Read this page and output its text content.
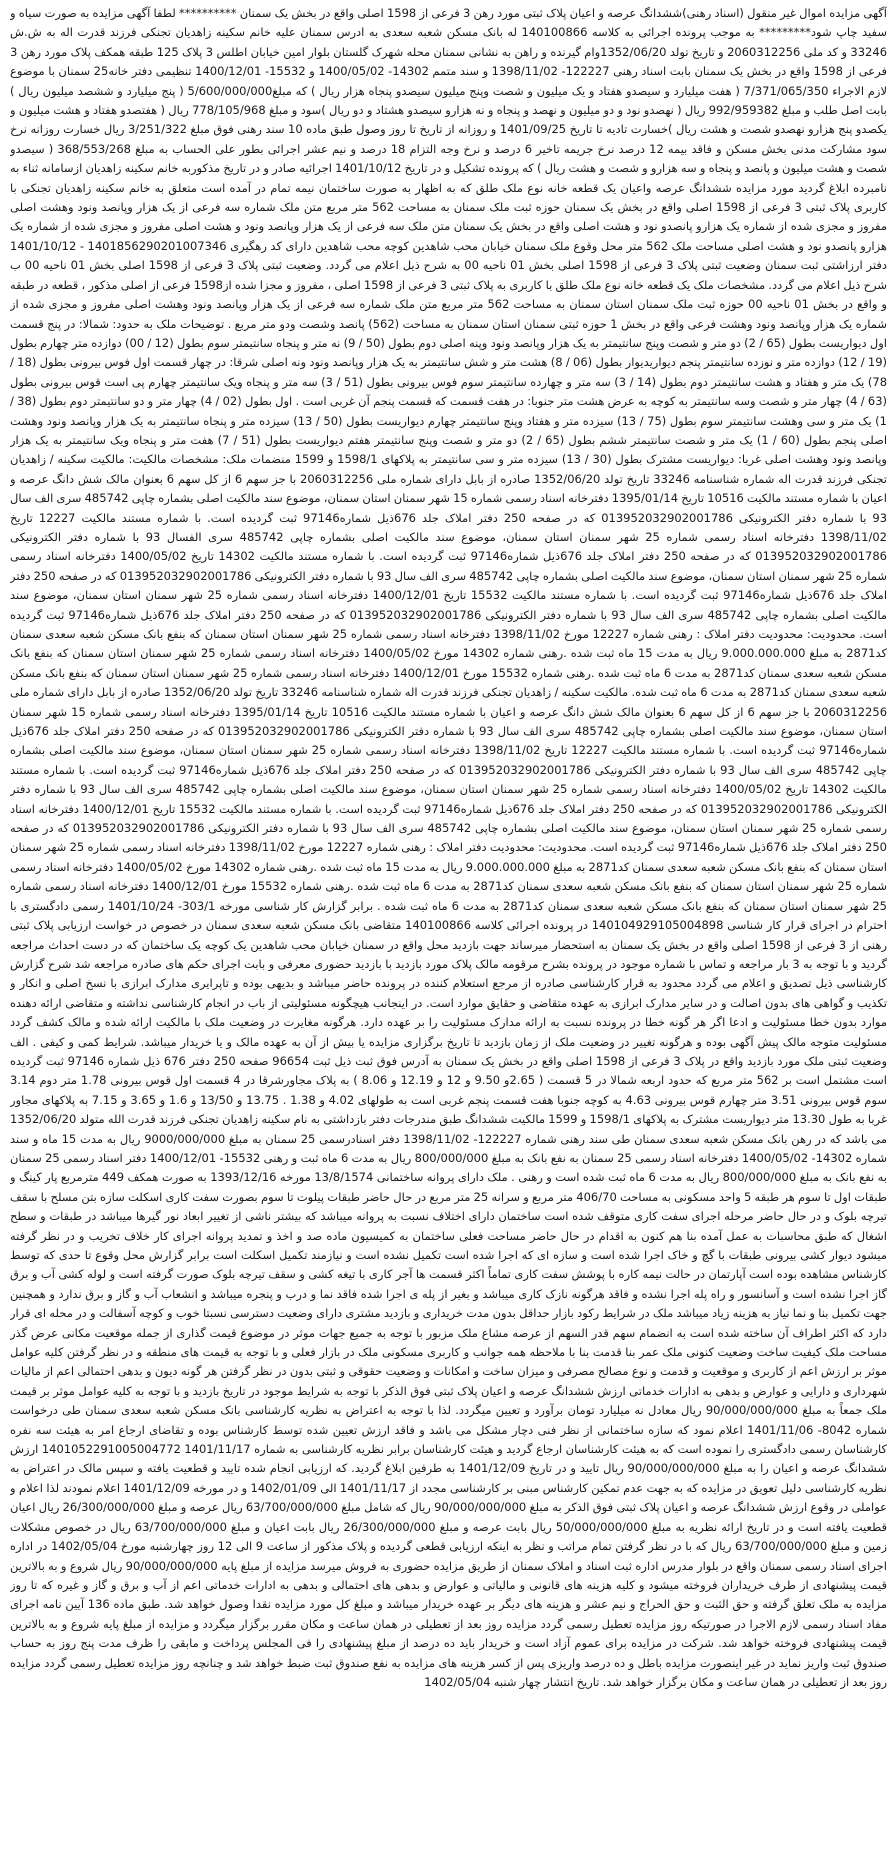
آگهی مزایده اموال غیر منقول (اسناد رهنی)ششدانگ عرصه و اعیان پلاک ثبتی مورد رهن 3 فرعی از 1598 اصلی واقع در بخش یک سمنان ********** لطفا آگهی مزایده به صورت سیاه و سفید چاپ شود********* به موجب پرونده اجرائی به کلاسه 140100866 له بانک مسکن شعبه سعدی به ادرس سمنان علیه خانم سکینه زاهدیان تجنکی فرزند قدرت اله به ش.ش 33246 و کد ملی 2060312256 و تاریخ تولد 1352/06/20وام گیرنده و راهن به نشانی سمنان محله شهرک گلستان بلوار امین خیابان اطلس 3 پلاک 125 طبقه همکف پلاک مورد رهن 3 فرعی از 1598 واقع در بخش یک سمنان بابت اسناد رهنی 122227- 1398/11/02 و سند متمم 14302- 1400/05/02 و 15532- 1400/12/01 تنظیمی دفتر خانه25 سمنان با موضوع لازم الاجراء 7/371/065/350 ( هفت میلیارد و سیصدو هفتاد و یک میلیون و شصت وپنج میلیون سیصدو پنجاه هزار ریال ) که مبلغ5/600/000/000 ( پنج میلیارد و ششصد میلیون ریال ) بابت اصل طلب و مبلغ 992/959382 ریال ( نهصدو نود و دو میلیون و نهصد و پنجاه و نه هزارو سیصدو هشتاد و دو ریال )سود و مبلغ 778/105/968 ریال ( هفتصدو هفتاد و هشت میلیون و یکصدو پنج هزارو نهصدو شصت و هشت ریال )خسارت تادیه تا تاریخ 1401/09/25 و روزانه از تاریخ تا روز وصول طبق ماده 10 سند رهنی فوق مبلغ 3/251/322 ریال خسارت روزانه نرخ سود مشارکت مدنی بخش مسکن و فاقد بیمه 12 درصد نرخ جریمه تاخیر 6 درصد و نرخ وجه التزام 18 درصد و نیم عشر اجرائی بطور علی الحساب به مبلغ 368/553/268 ( سیصدو شصت و هشت میلیون و پانصد و پنجاه و سه هزارو و شصت و هشت ریال ) که پرونده تشکیل و در تاریخ 1401/10/12 اجرائیه صادر و در تاریخ مذکوربه خانم سکینه زاهدیان ازسامانه ثناء به نامبرده ابلاغ گردید مورد مزایده ششدانگ عرصه واعیان یک قطعه خانه نوع ملک طلق که به اظهار به صورت ساختمان نیمه تمام در آمده است متعلق به خانم سکینه زاهدیان تجنکی با کاربری پلاک ثبتی 3 فرعی از 1598 اصلی واقع در بخش یک سمنان حوزه ثبت ملک سمنان به مساحت 562 متر مربع متن ملک شماره سه فرعی از یک هزار وپانصد ونود وهشت اصلی مفروز و مجزی شده از شماره یک هزارو پانصدو نود و هشت اصلی واقع در بخش یک سمنان متن ملک سه فرعی از یک هزار وپانصد ونود و هشت اصلی مفروز و مجزی شده از شماره یک هزارو پانصدو نود و هشت اصلی مساحت ملک 562 متر محل وقوع ملک سمنان خیابان محب شاهدین کوچه محب شاهدین دارای کد رهگیری 1401856290201007346 - 1401/10/12 دفتر ارزاشتی ثبت سمنان وضعیت ثبتی پلاک 3 فرعی از 1598 اصلی بخش 01 ناحیه 00 به شرح ذیل اعلام می گردد. وضعیت ثبتی پلاک 3 فرعی از 1598 اصلی بخش 01 ناحیه 00 ب شرح ذیل اعلام می گردد. مشخصات ملک یک قطعه خانه نوع ملک طلق با کاربری به پلاک ثبتی 3 فرعی از 1598 اصلی ، مفروز و مجزا شده از1598 فرعی از اصلی مذکور ، قطعه در طبقه و واقع در بخش 01 ناحیه 00 حوزه ثبت ملک سمنان استان سمنان به مساحت 562 متر مربع متن ملک شماره سه فرعی از یک هزار وپانصد ونود وهشت اصلی مفروز و مجزی شده از شماره یک هزار وپانصد ونود وهشت فرعی واقع در بخش 1 حوزه ثبتی سمنان استان سمنان به مساحت (562) پانصد وشصت ودو متر مربع . توضیحات ملک به حدود: شمالا: در پنج قسمت اول دیواریست بطول (65 / 2) دو متر و شصت وپنج سانتیمتر به یک هزار وپانصد ونود وپنه اصلی دوم بطول (50 / 9) نه متر و پنجاه سانتیمتر سوم بطول (12 / 00) دوازده متر چهارم بطول (19 / 12) دوازده متر و نوزده سانتیمتر پنجم دیواریدیوار بطول (06 / 8) هشت متر و شش سانتیمتر به یک هزار وپانصد ونود ونه اصلی شرقا: در چهار قسمت اول فوس بیرونی بطول (18 / 78) یک متر و هفتاد و هشت سانتیمتر دوم بطول (14 / 3) سه متر و چهارده سانتیمتر سوم فوس بیرونی بطول (51 / 3) سه متر و پنجاه ویک سانتیمتر چهارم پی است قوس بیرونی بطول (63 / 4) چهار متر و شصت وسه سانتیمتر به کوچه به عرض هشت متر جنوبا: در هفت قسمت که قسمت پنجم آن غربی است . اول بطول (02 / 4) چهار متر و دو سانتیمتر دوم بطول (38 / 1) یک متر و سی وهشت سانتیمتر سوم بطول (75 / 13) سیزده متر و هفتاد وپنج سانتیمتر چهارم دیواریست بطول (50 / 13) سیزده متر و پنجاه سانتیمتر به یک هزار وپانصد ونود وهشت اصلی پنجم بطول (60 / 1) یک متر و شصت سانتیمتر ششم بطول (65 / 2) دو متر و شصت وپنج سانتیمتر هفتم دیواریست بطول (51 / 7) هفت متر و پنجاه ویک سانتیمتر به یک هزار وپانصد ونود وهشت اصلی غربا: دیواریست مشترک بطول (30 / 13) سیزده متر و سی سانتیمتر به پلاکهای 1598/1 و 1599 منضمات ملک: مشخصات مالکیت: مالکیت سکینه / زاهدیان تجنکی فرزند قدرت اله شماره شناسنامه 33246 تاریخ تولد 1352/06/20 صادره از بابل دارای شماره ملی 2060312256 با جز سهم 6 از کل سهم 6 بعنوان مالک شش دانگ عرصه و اعیان با شماره مستند مالکیت 10516 تاریخ 1395/01/14 دفترخانه اسناد رسمی شماره 15 شهر سمنان استان سمنان، موضوع سند مالکیت اصلی بشماره چاپی 485742 سری الف سال 93 با شماره دفتر الکترونیکی 013952032902001786 که در صفحه 250 دفتر املاک جلد 676ذیل شماره97146 ثبت گردیده است. با شماره مستند مالکیت 12227 تاریخ 1398/11/02 دفترخانه اسناد رسمی شماره 25 شهر سمنان استان سمنان، موضوع سند مالکیت اصلی بشماره چاپی 485742 سری الفسال 93 با شماره دفتر الکترونیکی 013952032902001786 که در صفحه 250 دفتر املاک جلد 676ذیل شماره97146 ثبت گردیده است. با شماره مستند مالکیت 14302 تاریخ 1400/05/02 دفترخانه اسناد رسمی شماره 25 شهر سمنان استان سمنان، موضوع سند مالکیت اصلی بشماره چاپی 485742 سری الف سال 93 با شماره دفتر الکترونیکی 013952032902001786 که در صفحه 250 دفتر املاک جلد 676ذیل شماره97146 ثبت گردیده است. با شماره مستند مالکیت 15532 تاریخ 1400/12/01 دفترخانه اسناد رسمی شماره 25 شهر سمنان استان سمنان، موضوع سند مالکیت اصلی بشماره چاپی 485742 سری الف سال 93 با شماره دفتر الکترونیکی 013952032902001786 که در صفحه 250 دفتر املاک جلد 676ذیل شماره97146 ثبت گردیده است. محدودیت: محدودیت دفتر املاک : رهنی شماره 12227 مورخ 1398/11/02 دفترخانه اسناد رسمی شماره 25 شهر سمنان استان سمنان که بنفع بانک مسکن شعبه سعدی سمنان کد2871 به مبلغ 9.000.000.000 ریال به مدت 15 ماه ثبت شده .رهنی شماره 14302 مورخ 1400/05/02 دفترخانه اسناد رسمی شماره 25 شهر سمنان استان سمنان که بنفع بانک مسکن شعبه سعدی سمنان کد2871 به مدت 6 ماه ثبت شده .رهنی شماره 15532 مورخ 1400/12/01 دفترخانه اسناد رسمی شماره 25 شهر سمنان استان سمنان که بنفع بانک مسکن شعبه سعدی سمنان کد2871 به مدت 6 ماه ثبت شده. مالکیت سکینه / زاهدیان تجنکی فرزند قدرت اله شماره شناسنامه 33246 تاریخ تولد 1352/06/20 صادره از بابل دارای شماره ملی 2060312256 با جز سهم 6 از کل سهم 6 بعنوان مالک شش دانگ عرصه و اعیان با شماره مستند مالکیت 10516 تاریخ 1395/01/14 دفترخانه اسناد رسمی شماره 15 شهر سمنان استان سمنان، موضوع سند مالکیت اصلی بشماره چاپی 485742 سری الف سال 93 با شماره دفتر الکترونیکی 013952032902001786 که در صفحه 250 دفتر املاک جلد 676ذیل شماره97146 ثبت گردیده است. با شماره مستند مالکیت 12227 تاریخ 1398/11/02 دفترخانه اسناد رسمی شماره 25 شهر سمنان استان سمنان، موضوع سند مالکیت اصلی بشماره چاپی 485742 سری الف سال 93 با شماره دفتر الکترونیکی 013952032902001786 که در صفحه 250 دفتر املاک جلد 676ذیل شماره97146 ثبت گردیده است. با شماره مستند مالکیت 14302 تاریخ 1400/05/02 دفترخانه اسناد رسمی شماره 25 شهر سمنان استان سمنان، موضوع سند مالکیت اصلی بشماره چاپی 485742 سری الف سال 93 با شماره دفتر الکترونیکی 013952032902001786 که در صفحه 250 دفتر املاک جلد 676ذیل شماره97146 ثبت گردیده است. با شماره مستند مالکیت 15532 تاریخ 1400/12/01 دفترخانه اسناد رسمی شماره 25 شهر سمنان استان سمنان، موضوع سند مالکیت اصلی بشماره چاپی 485742 سری الف سال 93 با شماره دفتر الکترونیکی 013952032902001786 که در صفحه 250 دفتر املاک جلد 676ذیل شماره97146 ثبت گردیده است. محدودیت: محدودیت دفتر املاک : رهنی شماره 12227 مورخ 1398/11/02 دفترخانه اسناد رسمی شماره 25 شهر سمنان استان سمنان که بنفع بانک مسکن شعبه سعدی سمنان کد2871 به مبلغ 9.000.000.000 ریال به مدت 15 ماه ثبت شده .رهنی شماره 14302 مورخ 1400/05/02 دفترخانه اسناد رسمی شماره 25 شهر سمنان استان سمنان که بنفع بانک مسکن شعبه سعدی سمنان کد2871 به مدت 6 ماه ثبت شده .رهنی شماره 15532 مورخ 1400/12/01 دفترخانه اسناد رسمی شماره 25 شهر سمنان استان سمنان که بنفع بانک مسکن شعبه سعدی سمنان کد2871 به مدت 6 ماه ثبت شده . برابر گزارش کار شناسی مورخه 303/1- 1401/10/24 رسمی دادگستری با احترام در اجرای قرار کار شناسی 140104929105004898 در پرونده اجرائی کلاسه 140100866 متقاضی بانک مسکن شعبه سعدی سمنان در خصوص در خواست ارزیابی پلاک ثبتی رهنی از 3 فرعی از 1598 اصلی واقع در بخش یک سمنان به استحضار میرساند جهت بازدید محل واقع در سمنان خیابان محب شاهدین یک کوچه یک ساختمان که در دست احداث مراجعه گردید و با توجه به 3 بار مراجعه و تماس با شماره موجود در پرونده بشرح مرقومه مالک پلاک مورد بازدید با بازدید حضوری معرفی و بابت اجرای حکم های صادره مراجعه شد شرح گزارش کارشناسی ذیل تصدیق و اعلام می گردد محدود به قرار کارشناسی صادره از مرجع استعلام کننده در پرونده حاضر میباشد و بدیهی بوده و تاپرایری مدارک ابرازی با نسخ اصلی و انکار و تکذیب و گواهی های بدون اصالت و در سایر مدارک ابرازی به عهده متقاضی و حقایق موارد است. در اینجانب هیچگونه مسئولیتی از باب در انجام کارشناسی نداشته و متقاضی ارائه دهنده موارد بدون خطا مسئولیت و ادعا اگر هر گونه خطا در پرونده نسبت به ارائه مدارک مسئولیت را بر عهده دارد. هرگونه مغایرت در وضعیت ملک با مالکیت ارائه شده و مالک کشف گردد مسئولیت متوجه مالک پیش آگهی بوده و هرگونه تغییر در وضعیت ملک از زمان بازدید تا تاریخ برگزاری مزایده یا بیش از آن به عهده مالک و یا خریدار میباشد. شرایط کمی و کیفی . الف وضعیت ثبتی ملک مورد بازدید واقع در پلاک 3 فرعی از 1598 اصلی واقع در بخش یک سمنان به آدرس فوق ثبت ذیل ثبت 96654 صفحه 250 دفتر 676 ذیل شماره 97146 ثبت گردیده است مشتمل است بر 562 متر مربع که حدود اربعه شمالا در 5 قسمت ( 2.65و 9.50 و 12 و 12.19 و 8.06 ) به پلاک مجاورشرقا در 4 قسمت اول قوس بیرونی 1.78 متر دوم 3.14 سوم قوس بیرونی 3.51 متر چهارم قوس بیرونی 4.63 به کوچه جنوبا هفت قسمت پنجم غربی است به طولهای 4.02 و 1.38 . 13.75 و 13/50 و 1.6 و 3.65 و 7.15 به پلاکهای مجاور غربا به طول 13.30 متر دیواریست مشترک به پلاکهای 1598/1 و 1599 مالکیت ششدانگ طبق مندرجات دفتر بازداشتی به نام سکینه زاهدیان تجنکی فرزند قدرت الله متولد 1352/06/20 می باشد که در رهن بانک مسکن شعبه سعدی سمنان طی سند رهنی شماره 122227- 1398/11/02 دفتر اسنادرسمی 25 سمنان به مبلغ 9000/000/000 ریال به مدت 15 ماه و سند شماره 14302- 1400/05/02 دفترخانه اسناد رسمی 25 سمنان به نفع بانک به مبلغ 800/000/000 ریال به مدت 6 ماه ثبت و رهنی 15532- 1400/12/01 دفتر اسناد رسمی 25 سمنان به نفع بانک به مبلغ 800/000/000 ریال به مدت 6 ماه ثبت شده است و رهنی . ملک دارای پروانه ساختمانی 13/8/1574 مورخه 1393/12/16 به صورت همکف 449 مترمربع پار کینگ و طبقات اول تا سوم هر طبقه 5 واحد مسکونی به مساحت 406/70 متر مربع و سرانه 25 متر مربع در حال حاضر طبقات پیلوت تا سوم بصورت سفت کاری اسکلت سازه بتن مسلح با سقف تیرچه بلوک و در حال حاضر مرحله اجرای سفت کاری متوقف شده است ساختمان دارای اختلاف نسبت به پروانه میباشد که بیشتر ناشی از تغییر ابعاد نور گیرها میباشد در طبقات و سطح اشغال که طبق محاسبات به عمل آمده بنا هم کنون به اقدام در حال حاضر مساحت فعلی ساختمان به کمیسیون ماده صد و اخذ و تمدید پروانه اجرای کار خلاف تخریب و در نظر گرفته میشود دیوار کشی بیرونی طبقات با گچ و خاک اجرا شده است و سازه ای که اجرا شده است تکمیل نشده است و نیازمند تکمیل اسکلت است برابر گزارش محل وقوع تا حدی که توسط کارشناس مشاهده بوده است آپارتمان در حالت نیمه کاره با پوشش سفت کاری تماماً اکثر قسمت ها آجر کاری با تیغه کشی و سقف تیرچه بلوک صورت گرفته است و لوله کشی آب و برق گاز اجرا نشده است و آسانسور و راه پله اجرا نشده و فاقد هرگونه نازک کاری میباشد و بغیر از پله ی اجرا شده فاقد نما و درب و پنجره میباشد و انشعاب آب و گاز و برق ندارد و همچنین جهت تکمیل بنا و نما نیاز به هزینه زیاد میباشد ملک در شرایط رکود بازار حداقل بدون مدت خریداری و بازدید مشتری دارای وضعیت دسترسی نسبتا خوب و کوچه آسفالت و در محله ای قرار دارد که اکثر اطراف آن ساخته شده است به انضمام سهم قدر السهم از عرصه مشاع ملک مزبور با توجه به جمیع جهات موثر در موضوع قیمت گذاری از جمله موقعیت مکانی عرض گذر مساحت ملک کیفیت ساخت وضعیت کنونی ملک عمر بنا قدمت بنا با ملاحظه همه جوانب و کاربری مسکونی ملک در بازار فعلی و با توجه به قیمت های منطقه و در نظر گرفتن کلیه عوامل موثر بر ارزش اعم از کاربری و موقعیت و قدمت و نوع مصالح مصرفی و میزان ساخت و امکانات و وضعیت حقوقی و ثبتی بدون در نظر گرفتن هر گونه دیون و بدهی احتمالی اعم از مالیات شهرداری و دارایی و عوارض و بدهی به ادارات خدماتی ارزش ششدانگ عرصه و اعیان پلاک ثبتی فوق الذکر با توجه به شرایط موجود در تاریخ بازدید و با توجه به کلیه عوامل موثر بر قیمت ملک جمعاً به مبلغ 90/000/000/000 ریال معادل نه میلیارد تومان برآورد و تعیین میگردد. لذا با توجه به اعتراض به نظریه کارشناسی بانک مسکن شعبه سعدی سمنان طی درخواست شماره 8042- 1401/11/06 اعلام نمود که سازه ساختمانی از نظر فنی دچار مشکل می باشد و فاقد ارزش تعیین شده توسط کارشناس بوده و تقاضای ارجاع امر به هیئت سه نفره کارشناسان رسمی دادگستری را نموده است که به هیئت کارشناسان ارجاع گردید و هیئت کارشناسان برابر نظریه کارشناسی به شماره 1401/11/17 1401052291005004772 ارزش ششدانگ عرصه و اعیان را به مبلغ 90/000/000/000 ریال تایید و در تاریخ 1401/12/09 به طرفین ابلاغ گردید. که ارزیابی انجام شده تایید و قطعیت یافته و سپس مالک در اعتراض به نظریه کارشناسی دلیل تعویق در مزایده که به جهت عدم تمکین کارشناس مبنی بر کارشناسی مجدد از 1401/11/17 الی 1402/01/09 و در مورخه 1401/12/09 اعلام نمودند لذا اعلام و عواملی در وقوع ارزش ششدانگ عرصه و اعیان پلاک ثبتی فوق الذکر به مبلغ 90/000/000/000 ریال که شامل مبلغ 63/700/000/000 ریال عرصه و مبلغ 26/300/000/000 ریال اعیان قطعیت یافته است و در تاریخ ارائه نظریه به مبلغ 50/000/000/000 ریال بابت عرصه و مبلغ 26/300/000/000 ریال بابت اعیان و مبلغ 63/700/000/000 ریال در خصوص مشکلات زمین و مبلغ 63/700/000/000 ریال که با در نظر گرفتن تمام مراتب و نظر به اینکه ارزیابی قطعی گردیده و پلاک مذکور از ساعت 9 الی 12 روز چهارشنبه مورخ 1402/05/04 در اداره اجرای اسناد رسمی سمنان واقع در بلوار مدرس اداره ثبت اسناد و املاک سمنان از طریق مزایده حضوری به فروش میرسد مزایده از مبلغ پایه 90/000/000/000 ریال شروع و به بالاترین قیمت پیشنهادی از طرف خریداران فروخته میشود و کلیه هزینه های قانونی و مالیاتی و عوارض و بدهی های احتمالی و بدهی به ادارات خدماتی اعم از آب و برق و گاز و غیره که تا روز مزایده به ملک تعلق گرفته و حق الثبت و حق الحراج و نیم عشر و هزینه های دیگر بر عهده خریدار میباشد و مبلغ کل مورد مزایده نقدا وصول خواهد شد. طبق ماده 136 آیین نامه اجرای مفاد اسناد رسمی لازم الاجرا در صورتیکه روز مزایده تعطیل رسمی گردد مزایده روز بعد از تعطیلی در همان ساعت و مکان مقرر برگزار میگردد و مزایده از مبلغ پایه شروع و به بالاترین قیمت پیشنهادی فروخته خواهد شد. شرکت در مزایده برای عموم آزاد است و خریدار باید ده درصد از مبلغ پیشنهادی را فی المجلس پرداخت و مابقی را ظرف مدت پنج روز به حساب صندوق ثبت واریز نماید در غیر اینصورت مزایده باطل و ده درصد واریزی پس از کسر هزینه های مزایده به نفع صندوق ثبت ضبط خواهد شد و چنانچه روز مزایده تعطیل رسمی گردد مزایده روز بعد از تعطیلی در همان ساعت و مکان برگزار خواهد شد. تاریخ انتشار چهار شنبه 1402/05/04
